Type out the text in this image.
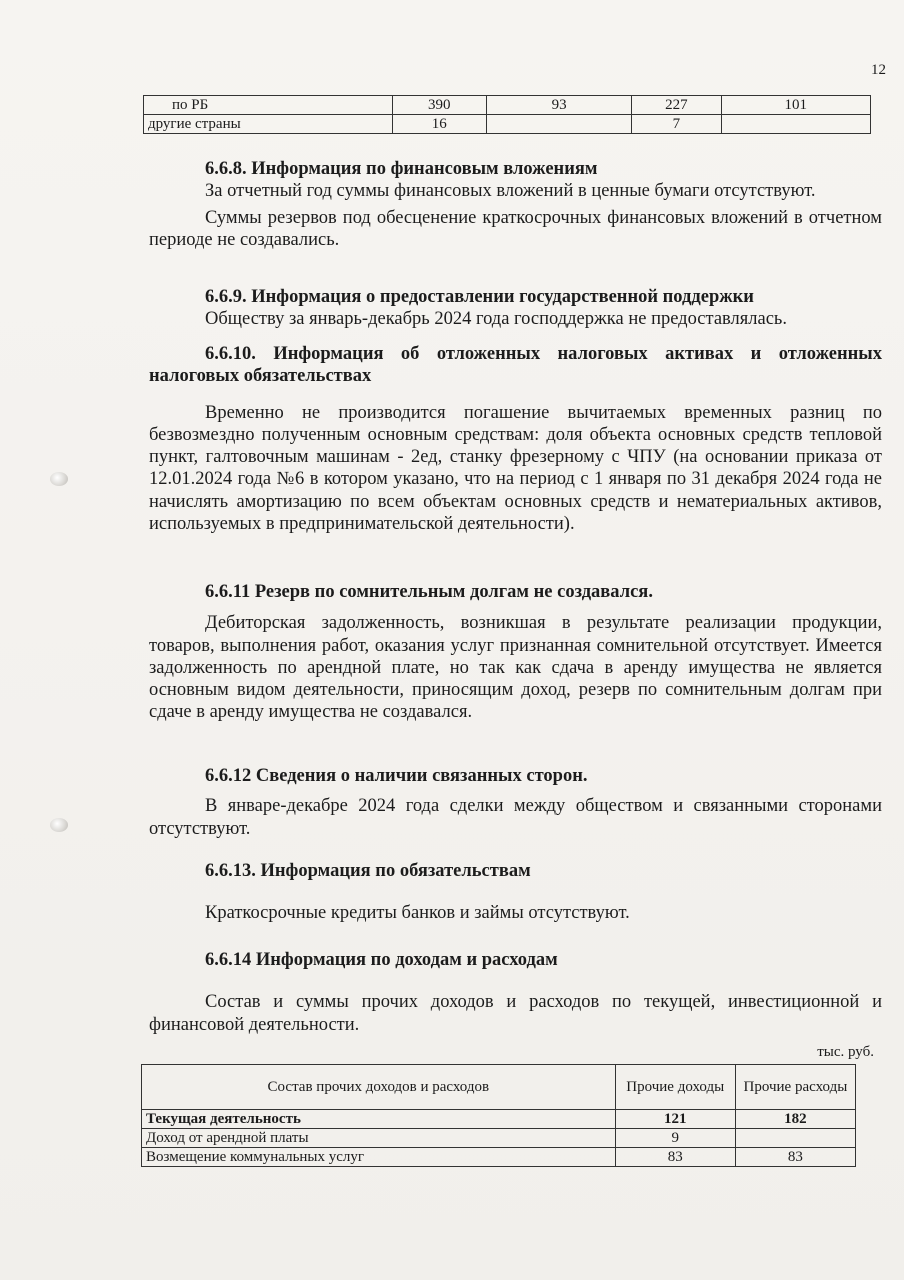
12
по РБ	390	93	227	101
другие страны	16		7	

6.6.8. Информация по финансовым вложениям

За отчетный год суммы финансовых вложений в ценные бумаги отсутствуют.

Суммы резервов под обесценение краткосрочных финансовых вложений в отчетном периоде не создавались.

6.6.9. Информация о предоставлении государственной поддержки

Обществу за январь-декабрь 2024 года господдержка не предоставлялась.

6.6.10. Информация об отложенных налоговых активах и отложенных налоговых обязательствах

Временно не производится погашение вычитаемых временных разниц по безвозмездно полученным основным средствам: доля объекта основных средств тепловой пункт, галтовочным машинам - 2ед, станку фрезерному с ЧПУ (на основании приказа от 12.01.2024 года №6 в котором указано, что на период с 1 января по 31 декабря 2024 года не начислять амортизацию по всем объектам основных средств и нематериальных активов, используемых в предпринимательской деятельности).

6.6.11 Резерв по сомнительным долгам не создавался.

Дебиторская задолженность, возникшая в результате реализации продукции, товаров, выполнения работ, оказания услуг признанная сомнительной отсутствует. Имеется задолженность по арендной плате, но так как сдача в аренду имущества не является основным видом деятельности, приносящим доход, резерв по сомнительным долгам при сдаче в аренду имущества не создавался.

6.6.12 Сведения о наличии связанных сторон.

В январе-декабре 2024 года сделки между обществом и связанными сторонами отсутствуют.

6.6.13. Информация по обязательствам

Краткосрочные кредиты банков и займы отсутствуют.

6.6.14 Информация по доходам и расходам

Состав и суммы прочих доходов и расходов по текущей, инвестиционной и финансовой деятельности.

тыс. руб.
Состав прочих доходов и расходов	Прочие доходы	Прочие расходы
Текущая деятельность	121	182
Доход от арендной платы	9	
Возмещение коммунальных услуг	83	83
